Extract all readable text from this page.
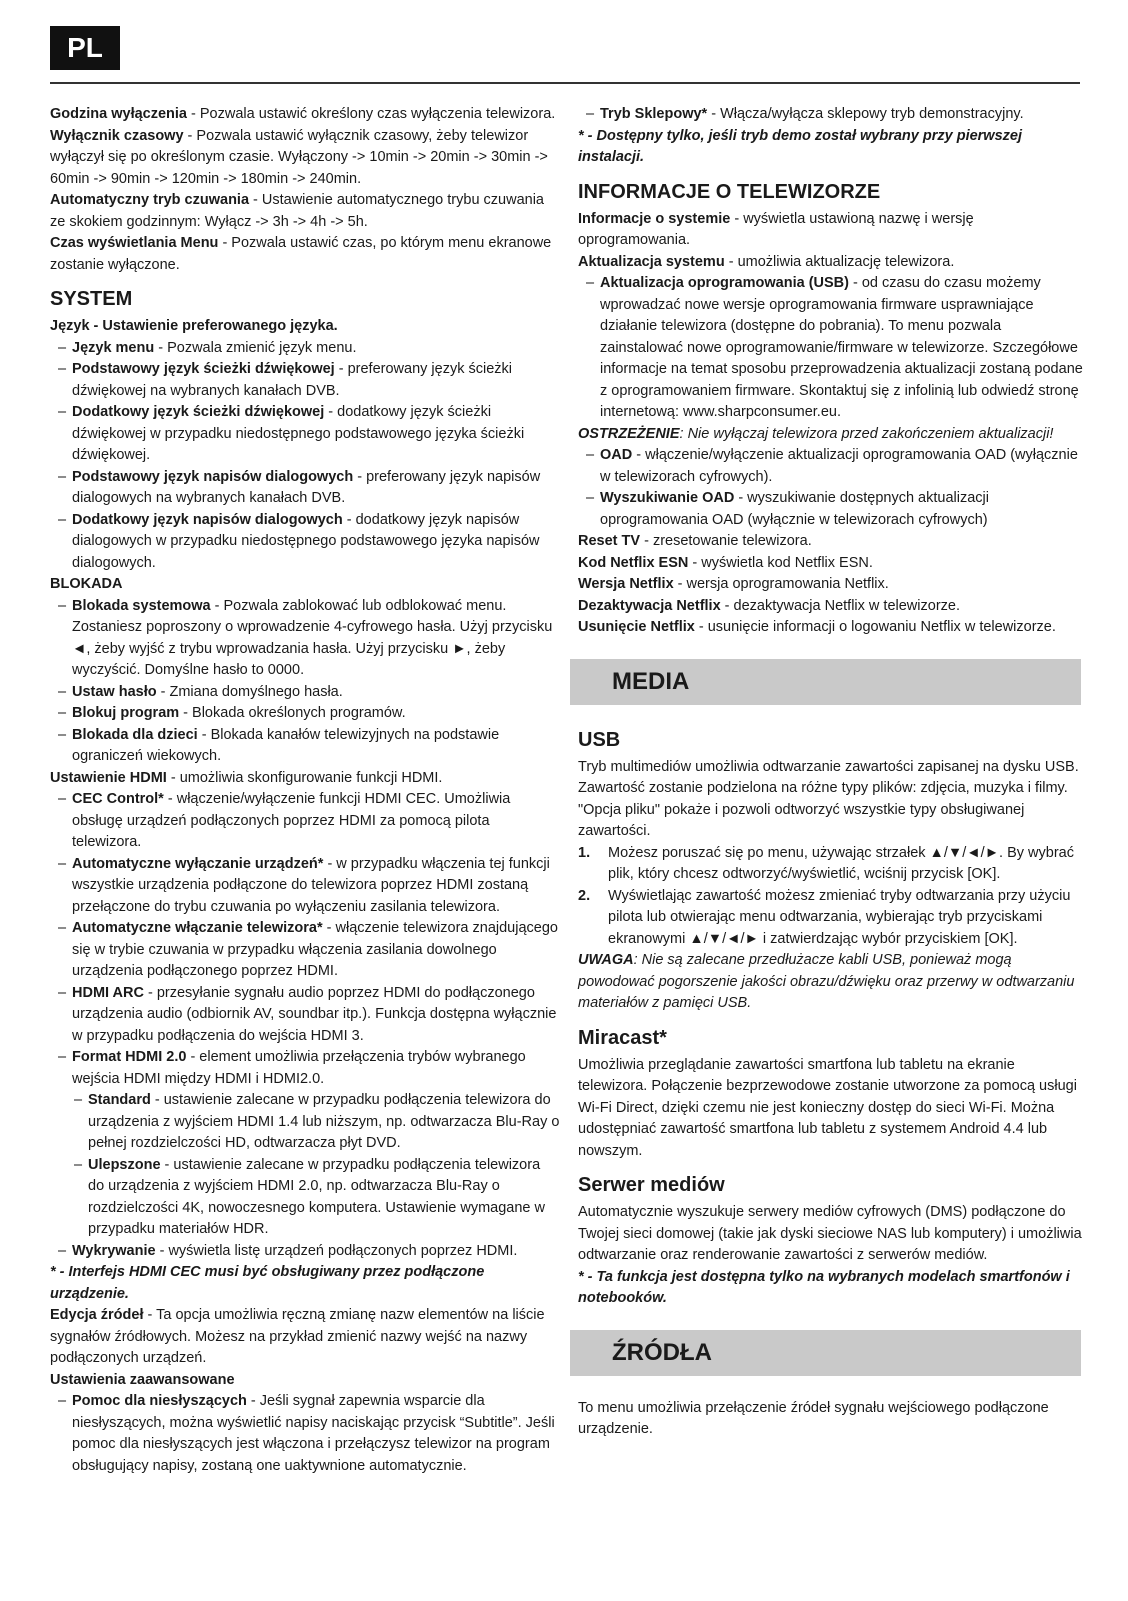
PL

Godzina wyłączenia - Pozwala ustawić określony czas wyłączenia telewizora.

Wyłącznik czasowy - Pozwala ustawić wyłącznik czasowy, żeby telewizor wyłączył się po określonym czasie. Wyłączony -> 10min -> 20min -> 30min -> 60min -> 90min -> 120min -> 180min -> 240min.

Automatyczny tryb czuwania - Ustawienie automatycznego trybu czuwania ze skokiem godzinnym: Wyłącz -> 3h -> 4h -> 5h.

Czas wyświetlania Menu - Pozwala ustawić czas, po którym menu ekranowe zostanie wyłączone.

SYSTEM

Język - Ustawienie preferowanego języka.

– Język menu - Pozwala zmienić język menu.

– Podstawowy język ścieżki dźwiękowej - preferowany język ścieżki dźwiękowej na wybranych kanałach DVB.

– Dodatkowy język ścieżki dźwiękowej - dodatkowy język ścieżki dźwiękowej w przypadku niedostępnego podstawowego języka ścieżki dźwiękowej.

– Podstawowy język napisów dialogowych - preferowany język napisów dialogowych na wybranych kanałach DVB.

– Dodatkowy język napisów dialogowych - dodatkowy język napisów dialogowych w przypadku niedostępnego podstawowego języka napisów dialogowych.

BLOKADA

– Blokada systemowa - Pozwala zablokować lub odblokować menu. Zostaniesz poproszony o wprowadzenie 4-cyfrowego hasła. Użyj przycisku ◄, żeby wyjść z trybu wprowadzania hasła. Użyj przycisku ►, żeby wyczyścić. Domyślne hasło to 0000.

– Ustaw hasło - Zmiana domyślnego hasła.

– Blokuj program - Blokada określonych programów.

– Blokada dla dzieci - Blokada kanałów telewizyjnych na podstawie ograniczeń wiekowych.

Ustawienie HDMI - umożliwia skonfigurowanie funkcji HDMI.

– CEC Control* - włączenie/wyłączenie funkcji HDMI CEC. Umożliwia obsługę urządzeń podłączonych poprzez HDMI za pomocą pilota telewizora.

– Automatyczne wyłączanie urządzeń* - w przypadku włączenia tej funkcji wszystkie urządzenia podłączone do telewizora poprzez HDMI zostaną przełączone do trybu czuwania po wyłączeniu zasilania telewizora.

– Automatyczne włączanie telewizora* - włączenie telewizora znajdującego się w trybie czuwania w przypadku włączenia zasilania dowolnego urządzenia podłączonego poprzez HDMI.

– HDMI ARC - przesyłanie sygnału audio poprzez HDMI do podłączonego urządzenia audio (odbiornik AV, soundbar itp.). Funkcja dostępna wyłącznie w przypadku podłączenia do wejścia HDMI 3.

– Format HDMI 2.0 - element umożliwia przełączenia trybów wybranego wejścia HDMI między HDMI i HDMI2.0.

– Standard - ustawienie zalecane w przypadku podłączenia telewizora do urządzenia z wyjściem HDMI 1.4 lub niższym, np. odtwarzacza Blu-Ray o pełnej rozdzielczości HD, odtwarzacza płyt DVD.

– Ulepszone - ustawienie zalecane w przypadku podłączenia telewizora do urządzenia z wyjściem HDMI 2.0, np. odtwarzacza Blu-Ray o rozdzielczości 4K, nowoczesnego komputera. Ustawienie wymagane w przypadku materiałów HDR.

– Wykrywanie - wyświetla listę urządzeń podłączonych poprzez HDMI.

* - Interfejs HDMI CEC musi być obsługiwany przez podłączone urządzenie.

Edycja źródeł - Ta opcja umożliwia ręczną zmianę nazw elementów na liście sygnałów źródłowych. Możesz na przykład zmienić nazwy wejść na nazwy podłączonych urządzeń.

Ustawienia zaawansowane

– Pomoc dla niesłyszących - Jeśli sygnał zapewnia wsparcie dla niesłyszących, można wyświetlić napisy naciskając przycisk “Subtitle”. Jeśli pomoc dla niesłyszących jest włączona i przełączysz telewizor na program obsługujący napisy, zostaną one uaktywnione automatycznie.

– Tryb Sklepowy* - Włącza/wyłącza sklepowy tryb demonstracyjny.

* - Dostępny tylko, jeśli tryb demo został wybrany przy pierwszej instalacji.

INFORMACJE O TELEWIZORZE

Informacje o systemie - wyświetla ustawioną nazwę i wersję oprogramowania.

Aktualizacja systemu - umożliwia aktualizację telewizora.

– Aktualizacja oprogramowania (USB) - od czasu do czasu możemy wprowadzać nowe wersje oprogramowania firmware usprawniające działanie telewizora (dostępne do pobrania). To menu pozwala zainstalować nowe oprogramowanie/firmware w telewizorze. Szczegółowe informacje na temat sposobu przeprowadzenia aktualizacji zostaną podane z oprogramowaniem firmware. Skontaktuj się z infolinią lub odwiedź stronę internetową: www.sharpconsumer.eu.

OSTRZEŻENIE: Nie wyłączaj telewizora przed zakończeniem aktualizacji!

– OAD - włączenie/wyłączenie aktualizacji oprogramowania OAD (wyłącznie w telewizorach cyfrowych).

– Wyszukiwanie OAD - wyszukiwanie dostępnych aktualizacji oprogramowania OAD (wyłącznie w telewizorach cyfrowych)

Reset TV - zresetowanie telewizora.

Kod Netflix ESN - wyświetla kod Netflix ESN.

Wersja Netflix - wersja oprogramowania Netflix.

Dezaktywacja Netflix - dezaktywacja Netflix w telewizorze.

Usunięcie Netflix - usunięcie informacji o logowaniu Netflix w telewizorze.

MEDIA
USB

Tryb multimediów umożliwia odtwarzanie zawartości zapisanej na dysku USB. Zawartość zostanie podzielona na różne typy plików: zdjęcia, muzyka i filmy. "Opcja pliku" pokaże i pozwoli odtworzyć wszystkie typy obsługiwanej zawartości.

1. Możesz poruszać się po menu, używając strzałek ▲/▼/◄/►. By wybrać plik, który chcesz odtworzyć/wyświetlić, wciśnij przycisk [OK].

2. Wyświetlając zawartość możesz zmieniać tryby odtwarzania przy użyciu pilota lub otwierając menu odtwarzania, wybierając tryb przyciskami ekranowymi ▲/▼/◄/► i zatwierdzając wybór przyciskiem [OK].

UWAGA: Nie są zalecane przedłużacze kabli USB, ponieważ mogą powodować pogorszenie jakości obrazu/dźwięku oraz przerwy w odtwarzaniu materiałów z pamięci USB.

Miracast*

Umożliwia przeglądanie zawartości smartfona lub tabletu na ekranie telewizora. Połączenie bezprzewodowe zostanie utworzone za pomocą usługi Wi-Fi Direct, dzięki czemu nie jest konieczny dostęp do sieci Wi-Fi. Można udostępniać zawartość smartfona lub tabletu z systemem Android 4.4 lub nowszym.

Serwer mediów

Automatycznie wyszukuje serwery mediów cyfrowych (DMS) podłączone do Twojej sieci domowej (takie jak dyski sieciowe NAS lub komputery) i umożliwia odtwarzanie oraz renderowanie zawartości z serwerów mediów.

* - Ta funkcja jest dostępna tylko na wybranych modelach smartfonów i notebooków.

ŹRÓDŁA

To menu umożliwia przełączenie źródeł sygnału wejściowego podłączone urządzenie.
